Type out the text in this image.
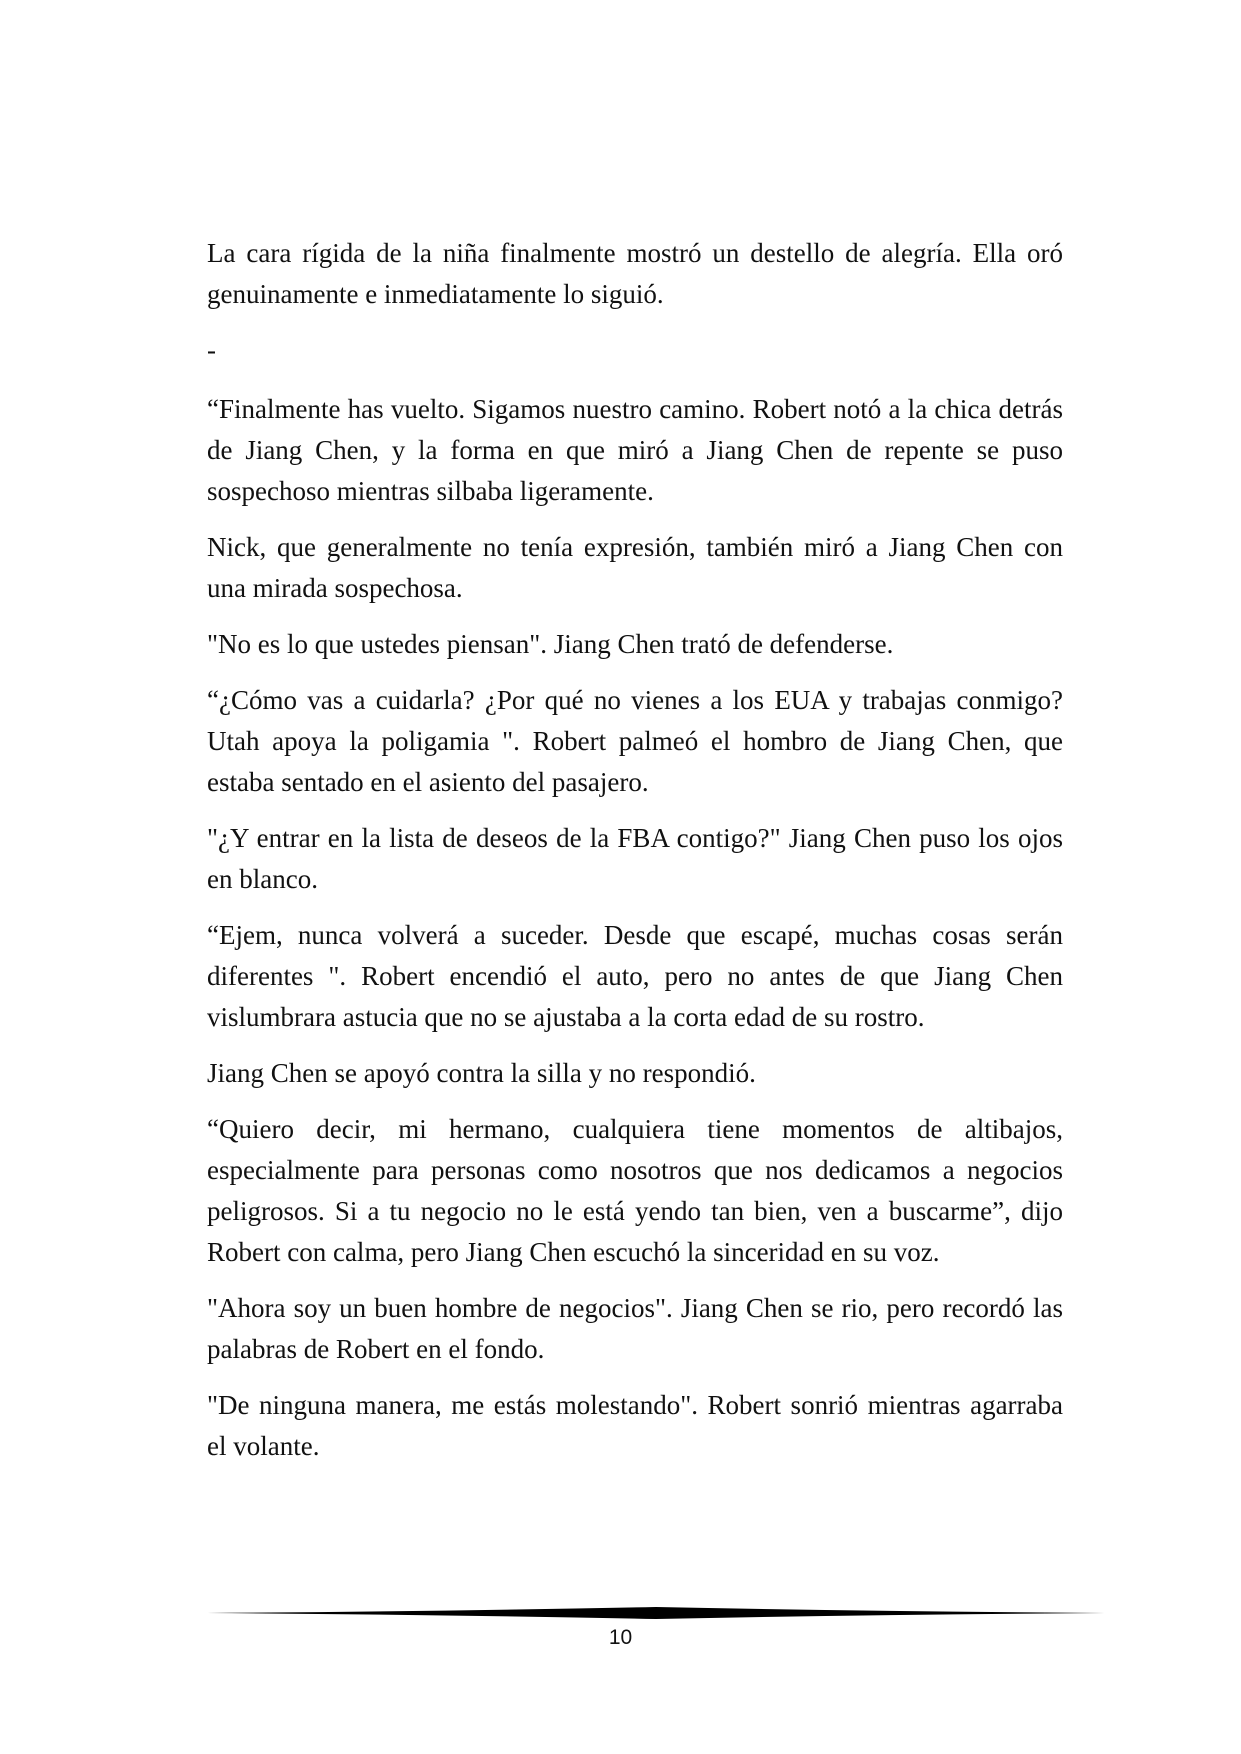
La cara rígida de la niña finalmente mostró un destello de alegría. Ella oró genuinamente e inmediatamente lo siguió.

-

“Finalmente has vuelto. Sigamos nuestro camino. Robert notó a la chica detrás de Jiang Chen, y la forma en que miró a Jiang Chen de repente se puso sospechoso mientras silbaba ligeramente.

Nick, que generalmente no tenía expresión, también miró a Jiang Chen con una mirada sospechosa.

"No es lo que ustedes piensan". Jiang Chen trató de defenderse.

“¿Cómo vas a cuidarla? ¿Por qué no vienes a los EUA y trabajas conmigo? Utah apoya la poligamia ". Robert palmeó el hombro de Jiang Chen, que estaba sentado en el asiento del pasajero.

"¿Y entrar en la lista de deseos de la FBA contigo?" Jiang Chen puso los ojos en blanco.

“Ejem, nunca volverá a suceder. Desde que escapé, muchas cosas serán diferentes ". Robert encendió el auto, pero no antes de que Jiang Chen vislumbrara astucia que no se ajustaba a la corta edad de su rostro.

Jiang Chen se apoyó contra la silla y no respondió.

“Quiero decir, mi hermano, cualquiera tiene momentos de altibajos, especialmente para personas como nosotros que nos dedicamos a negocios peligrosos. Si a tu negocio no le está yendo tan bien, ven a buscarme”, dijo Robert con calma, pero Jiang Chen escuchó la sinceridad en su voz.

"Ahora soy un buen hombre de negocios". Jiang Chen se rio, pero recordó las palabras de Robert en el fondo.

"De ninguna manera, me estás molestando". Robert sonrió mientras agarraba el volante.

10
